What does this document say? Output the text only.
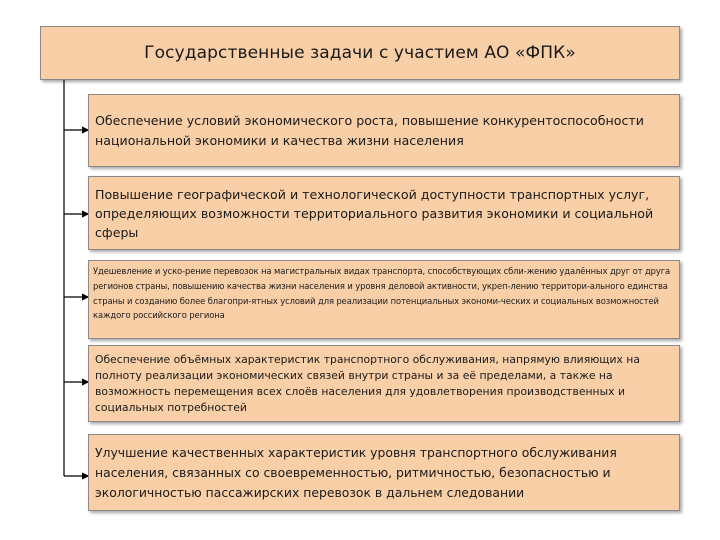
Государственные задачи с участием АО «ФПК»
Обеспечение условий экономического роста, повышение конкурентоспособности национальной экономики и качества жизни населения
Повышение географической и технологической доступности транспортных услуг, определяющих возможности территориального развития экономики и социальной сферы
Удешевление и уско-рение перевозок на магистральных видах транспорта, способствующих сбли-жению удалённых друг от друга регионов страны, повышению качества жизни населения и уровня деловой активности, укреп-лению территори-ального единства страны и созданию более благопри-ятных условий для реализации потенциальных экономи-ческих и социальных возможностей каждого российского региона
Обеспечение объёмных характеристик транспортного обслуживания, напрямую влияющих на полноту реализации экономических связей внутри страны и за её пределами, а также на возможность перемещения всех слоёв населения для удовлетворения производственных и социальных потребностей
Улучшение качественных характеристик уровня транспортного обслуживания населения, связанных со своевременностью, ритмичностью, безопасностью и экологичностью пассажирских перевозок в дальнем следовании
